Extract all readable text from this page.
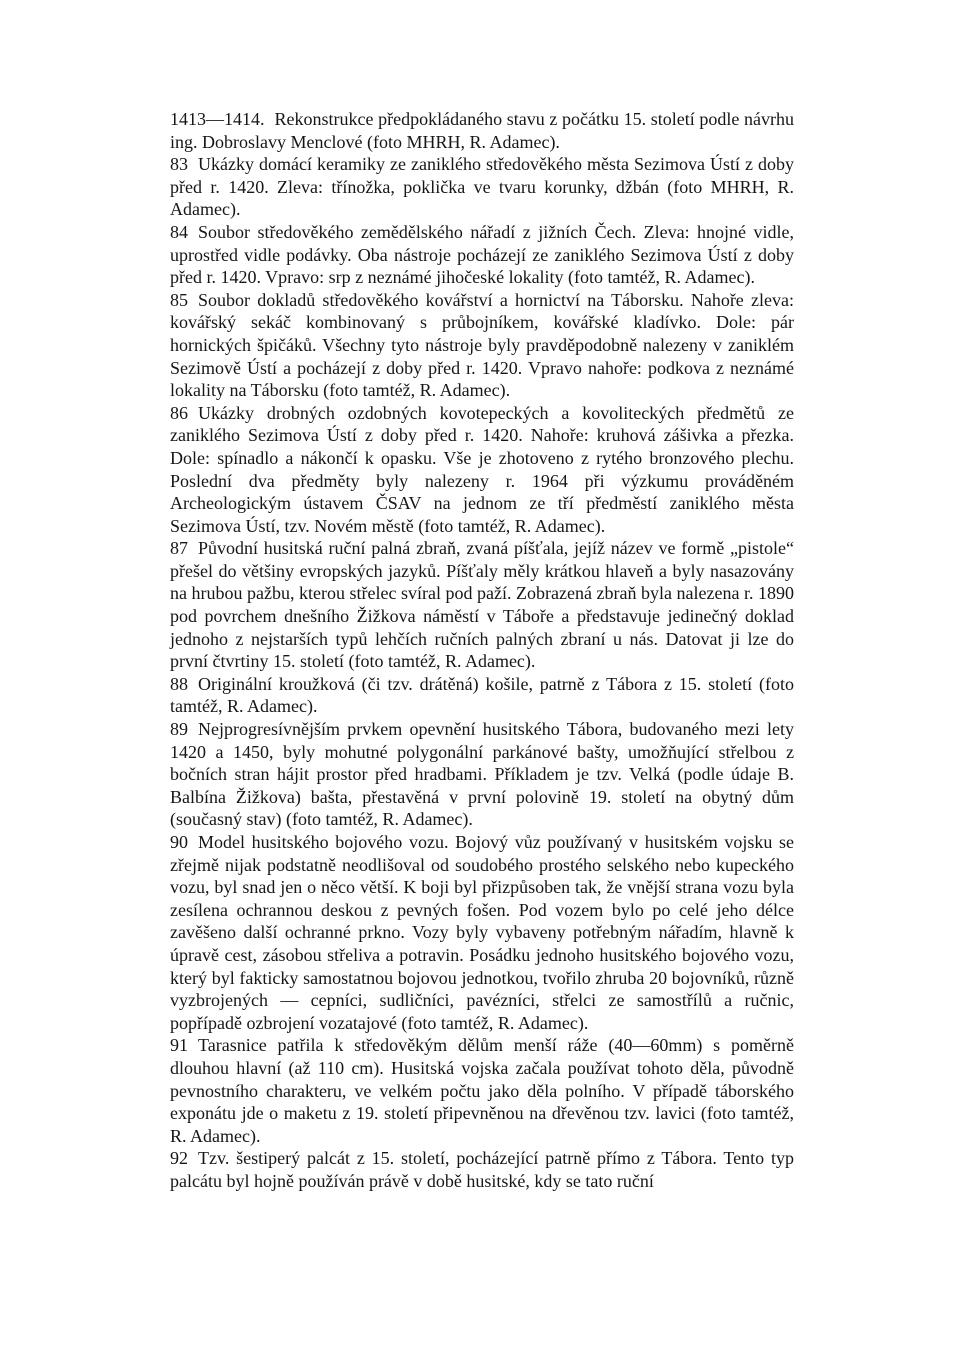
1413—1414. Rekonstrukce předpokládaného stavu z počátku 15. století podle návrhu ing. Dobroslavy Menclové (foto MHRH, R. Adamec).

83 Ukázky domácí keramiky ze zaniklého středověkého města Sezimova Ústí z doby před r. 1420. Zleva: třínožka, poklička ve tvaru korunky, džbán (foto MHRH, R. Adamec).

84 Soubor středověkého zemědělského nářadí z jižních Čech. Zleva: hnojné vidle, uprostřed vidle podávky. Oba nástroje pocházejí ze zaniklého Sezimova Ústí z doby před r. 1420. Vpravo: srp z neznámé jihočeské lokality (foto tamtéž, R. Adamec).

85 Soubor dokladů středověkého kovářství a hornictví na Táborsku. Nahoře zleva: kovářský sekáč kombinovaný s průbojníkem, kovářské kladívko. Dole: pár hornických špičáků. Všechny tyto nástroje byly pravděpodobně nalezeny v zaniklém Sezimově Ústí a pocházejí z doby před r. 1420. Vpravo nahoře: podkova z neznámé lokality na Táborsku (foto tamtéž, R. Adamec).

86 Ukázky drobných ozdobných kovotepeckých a kovoliteckých předmětů ze zaniklého Sezimova Ústí z doby před r. 1420. Nahoře: kruhová zášivka a přezka. Dole: spínadlo a nákončí k opasku. Vše je zhotoveno z rytého bronzového plechu. Poslední dva předměty byly nalezeny r. 1964 při výzkumu prováděném Archeologickým ústavem ČSAV na jednom ze tří předměstí zaniklého města Sezimova Ústí, tzv. Novém městě (foto tamtéž, R. Adamec).

87 Původní husitská ruční palná zbraň, zvaná píšťala, jejíž název ve formě „pistole“ přešel do většiny evropských jazyků. Píšťaly měly krátkou hlaveň a byly nasazovány na hrubou pažbu, kterou střelec svíral pod paží. Zobrazená zbraň byla nalezena r. 1890 pod povrchem dnešního Žižkova náměstí v Táboře a představuje jedinečný doklad jednoho z nejstarších typů lehčích ručních palných zbraní u nás. Datovat ji lze do první čtvrtiny 15. století (foto tamtéž, R. Adamec).

88 Originální kroužková (či tzv. drátěná) košile, patrně z Tábora z 15. století (foto tamtéž, R. Adamec).

89 Nejprogresívnějším prvkem opevnění husitského Tábora, budovaného mezi lety 1420 a 1450, byly mohutné polygonální parkánové bašty, umožňující střelbou z bočních stran hájit prostor před hradbami. Příkladem je tzv. Velká (podle údaje B. Balbína Žižkova) bašta, přestavěná v první polovině 19. století na obytný dům (současný stav) (foto tamtéž, R. Adamec).

90 Model husitského bojového vozu. Bojový vůz používaný v husitském vojsku se zřejmě nijak podstatně neodlišoval od soudobého prostého selského nebo kupeckého vozu, byl snad jen o něco větší. K boji byl přizpůsoben tak, že vnější strana vozu byla zesílena ochrannou deskou z pevných fošen. Pod vozem bylo po celé jeho délce zavěšeno další ochranné prkno. Vozy byly vybaveny potřebným nářadím, hlavně k úpravě cest, zásobou střeliva a potravin. Posádku jednoho husitského bojového vozu, který byl fakticky samostatnou bojovou jednotkou, tvořilo zhruba 20 bojovníků, různě vyzbrojených — cepníci, sudličníci, pavézníci, střelci ze samostřílů a ručnic, popřípadě ozbrojení vozatajové (foto tamtéž, R. Adamec).

91 Tarasnice patřila k středověkým dělům menší ráže (40—60mm) s poměrně dlouhou hlavní (až 110 cm). Husitská vojska začala používat tohoto děla, původně pevnostního charakteru, ve velkém počtu jako děla polního. V případě táborského exponátu jde o maketu z 19. století připevněnou na dřevěnou tzv. lavici (foto tamtéž, R. Adamec).

92 Tzv. šestiperý palcát z 15. století, pocházející patrně přímo z Tábora. Tento typ palcátu byl hojně používán právě v době husitské, kdy se tato ruční
